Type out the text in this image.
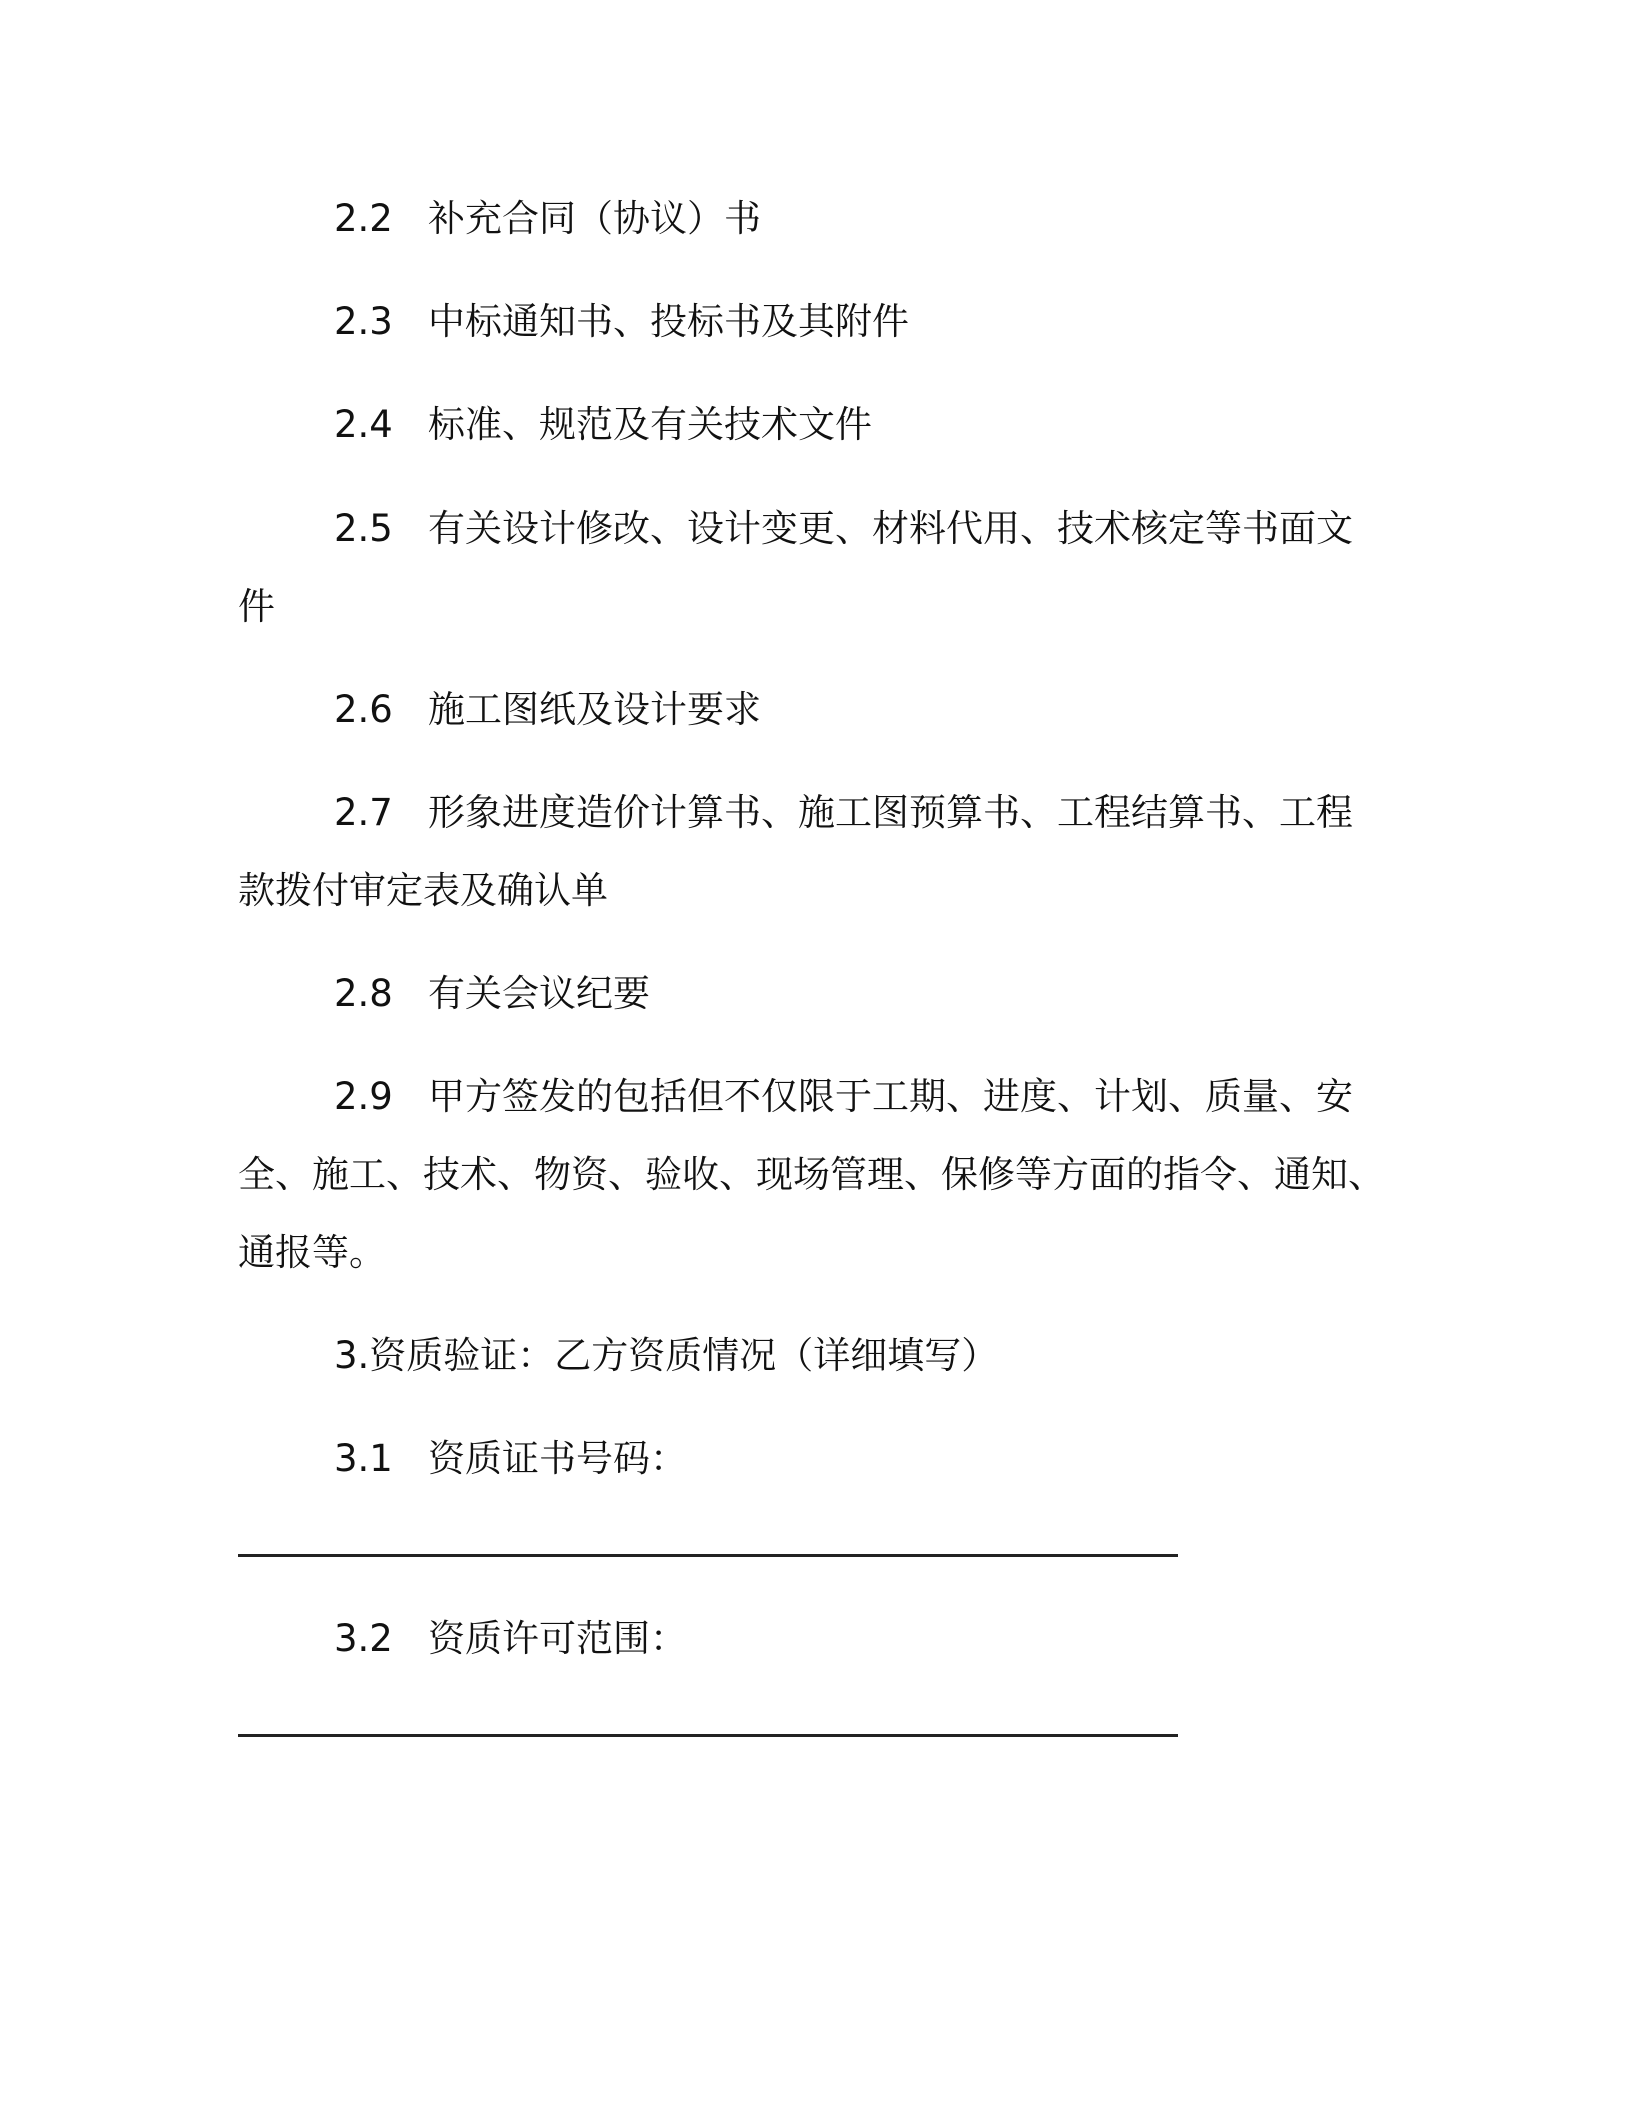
2.2 补充合同（协议）书
2.3 中标通知书、投标书及其附件
2.4 标准、规范及有关技术文件
2.5 有关设计修改、设计变更、材料代用、技术核定等书面文
件
2.6 施工图纸及设计要求
2.7 形象进度造价计算书、施工图预算书、工程结算书、工程
款拨付审定表及确认单
2.8 有关会议纪要
2.9 甲方签发的包括但不仅限于工期、进度、计划、质量、安
全、施工、技术、物资、验收、现场管理、保修等方面的指令、通知、
通报等。
3.资质验证：乙方资质情况（详细填写）
3.1 资质证书号码：
3.2 资质许可范围：
